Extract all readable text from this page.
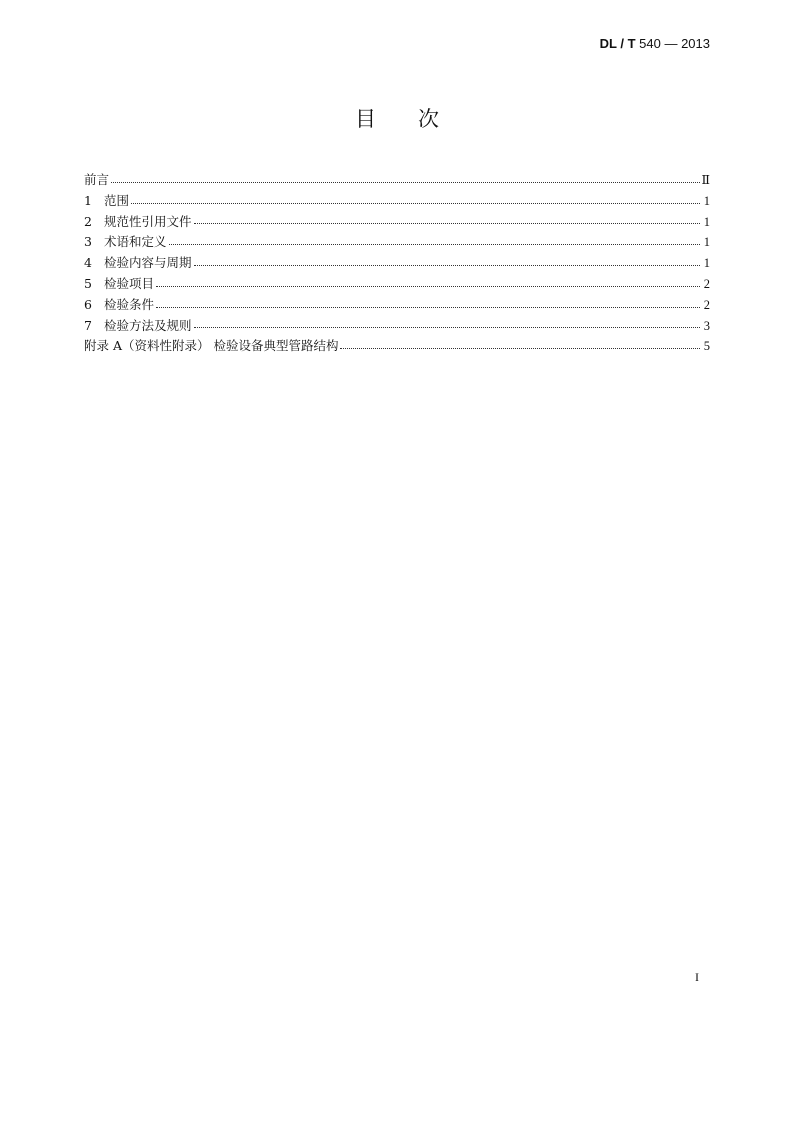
DL / T 540 — 2013
目次
前言	Ⅱ
1 范围	1
2 规范性引用文件	1
3 术语和定义	1
4 检验内容与周期	1
5 检验项目	2
6 检验条件	2
7 检验方法及规则	3
附录 A（资料性附录） 检验设备典型管路结构	5
I
